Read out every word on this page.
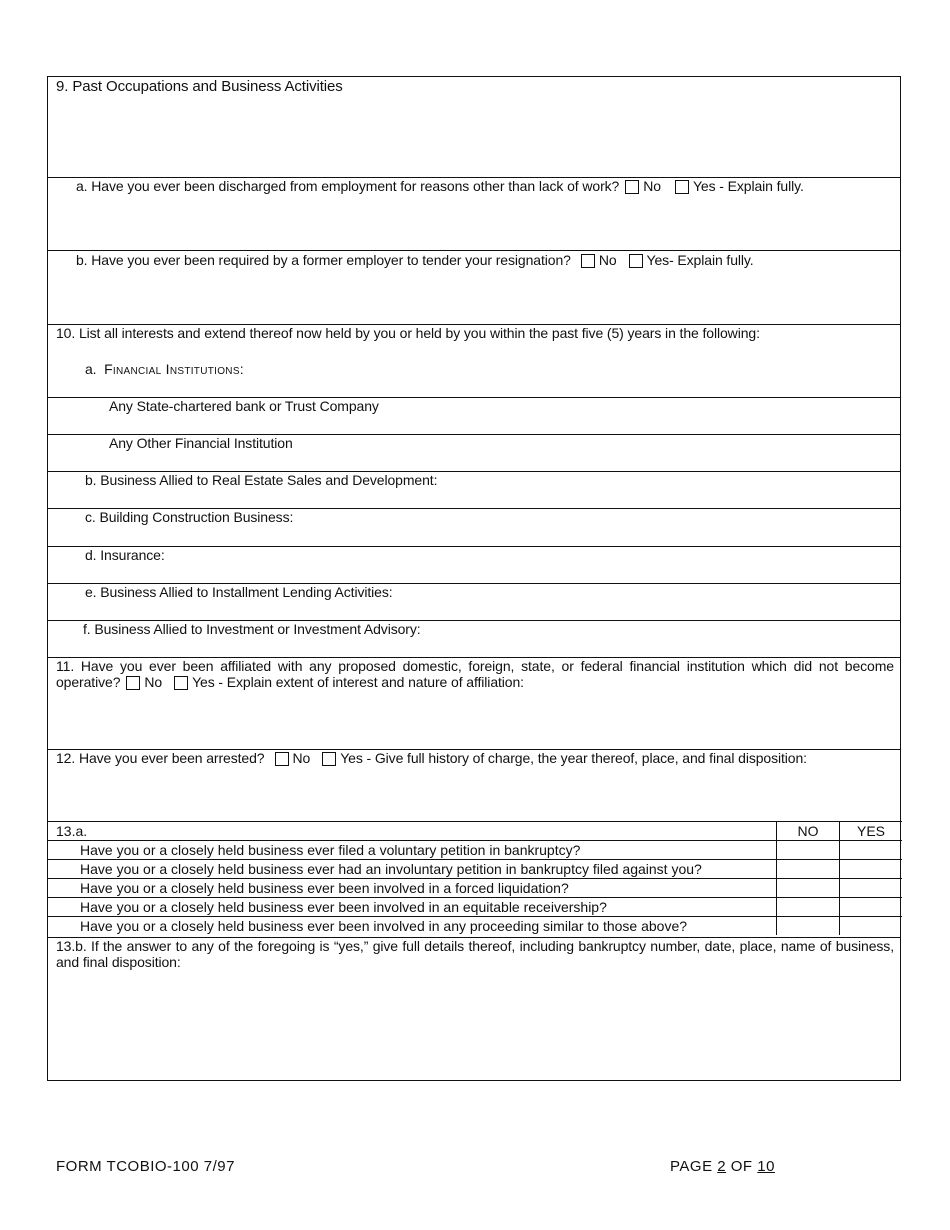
9. Past Occupations and Business Activities
a. Have you ever been discharged from employment for reasons other than lack of work? No Yes - Explain fully.
b. Have you ever been required by a former employer to tender your resignation? No Yes- Explain fully.
10. List all interests and extend thereof now held by you or held by you within the past five (5) years in the following:
a. Financial Institutions:
Any State-chartered bank or Trust Company
Any Other Financial Institution
b. Business Allied to Real Estate Sales and Development:
c. Building Construction Business:
d. Insurance:
e. Business Allied to Installment Lending Activities:
f. Business Allied to Investment or Investment Advisory:
11. Have you ever been affiliated with any proposed domestic, foreign, state, or federal financial institution which did not become operative? No Yes - Explain extent of interest and nature of affiliation:
12. Have you ever been arrested? No Yes - Give full history of charge, the year thereof, place, and final disposition:
13.a.	NO	YES
Have you or a closely held business ever filed a voluntary petition in bankruptcy?		
Have you or a closely held business ever had an involuntary petition in bankruptcy filed against you?		
Have you or a closely held business ever been involved in a forced liquidation?		
Have you or a closely held business ever been involved in an equitable receivership?		
Have you or a closely held business ever been involved in any proceeding similar to those above?		
13.b. If the answer to any of the foregoing is “yes,” give full details thereof, including bankruptcy number, date, place, name of business, and final disposition:
FORM TCOBIO-100 7/97	PAGE 2 OF 10
